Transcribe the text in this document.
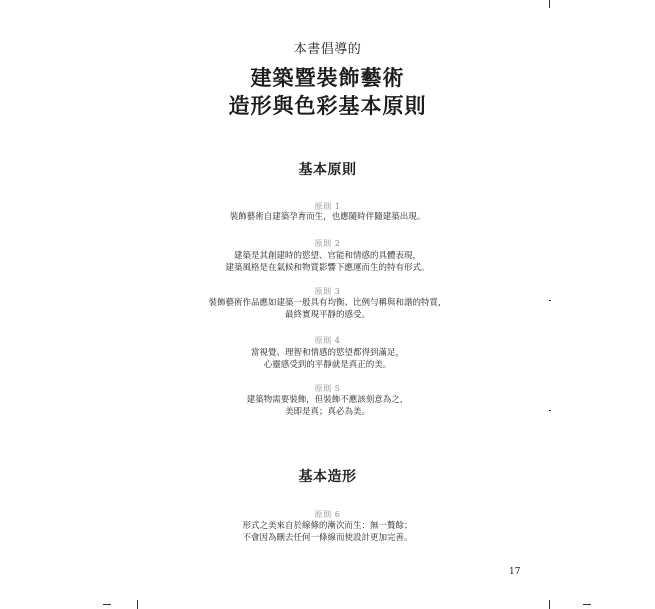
本書倡導的
建築暨裝飾藝術
造形與色彩基本原則
基本原則
原則 1
裝飾藝術自建築孕育而生，也應隨時伴隨建築出現。
原則 2
建築是其創建時的慾望、官能和情感的具體表現，
建築風格是在氣候和物質影響下應運而生的特有形式。
原則 3
裝飾藝術作品應如建築一般具有均衡、比例勻稱與和諧的特質，
最終實現平靜的感受。
原則 4
當視覺、理智和情感的慾望都得到滿足，
心靈感受到的平靜就是真正的美。
原則 5
建築物需要裝飾，但裝飾不應該刻意為之，
美即是真；真必為美。
基本造形
原則 6
形式之美來自於線條的漸次而生：無一贅餘；
不會因為刪去任何一條線而使設計更加完善。
17
